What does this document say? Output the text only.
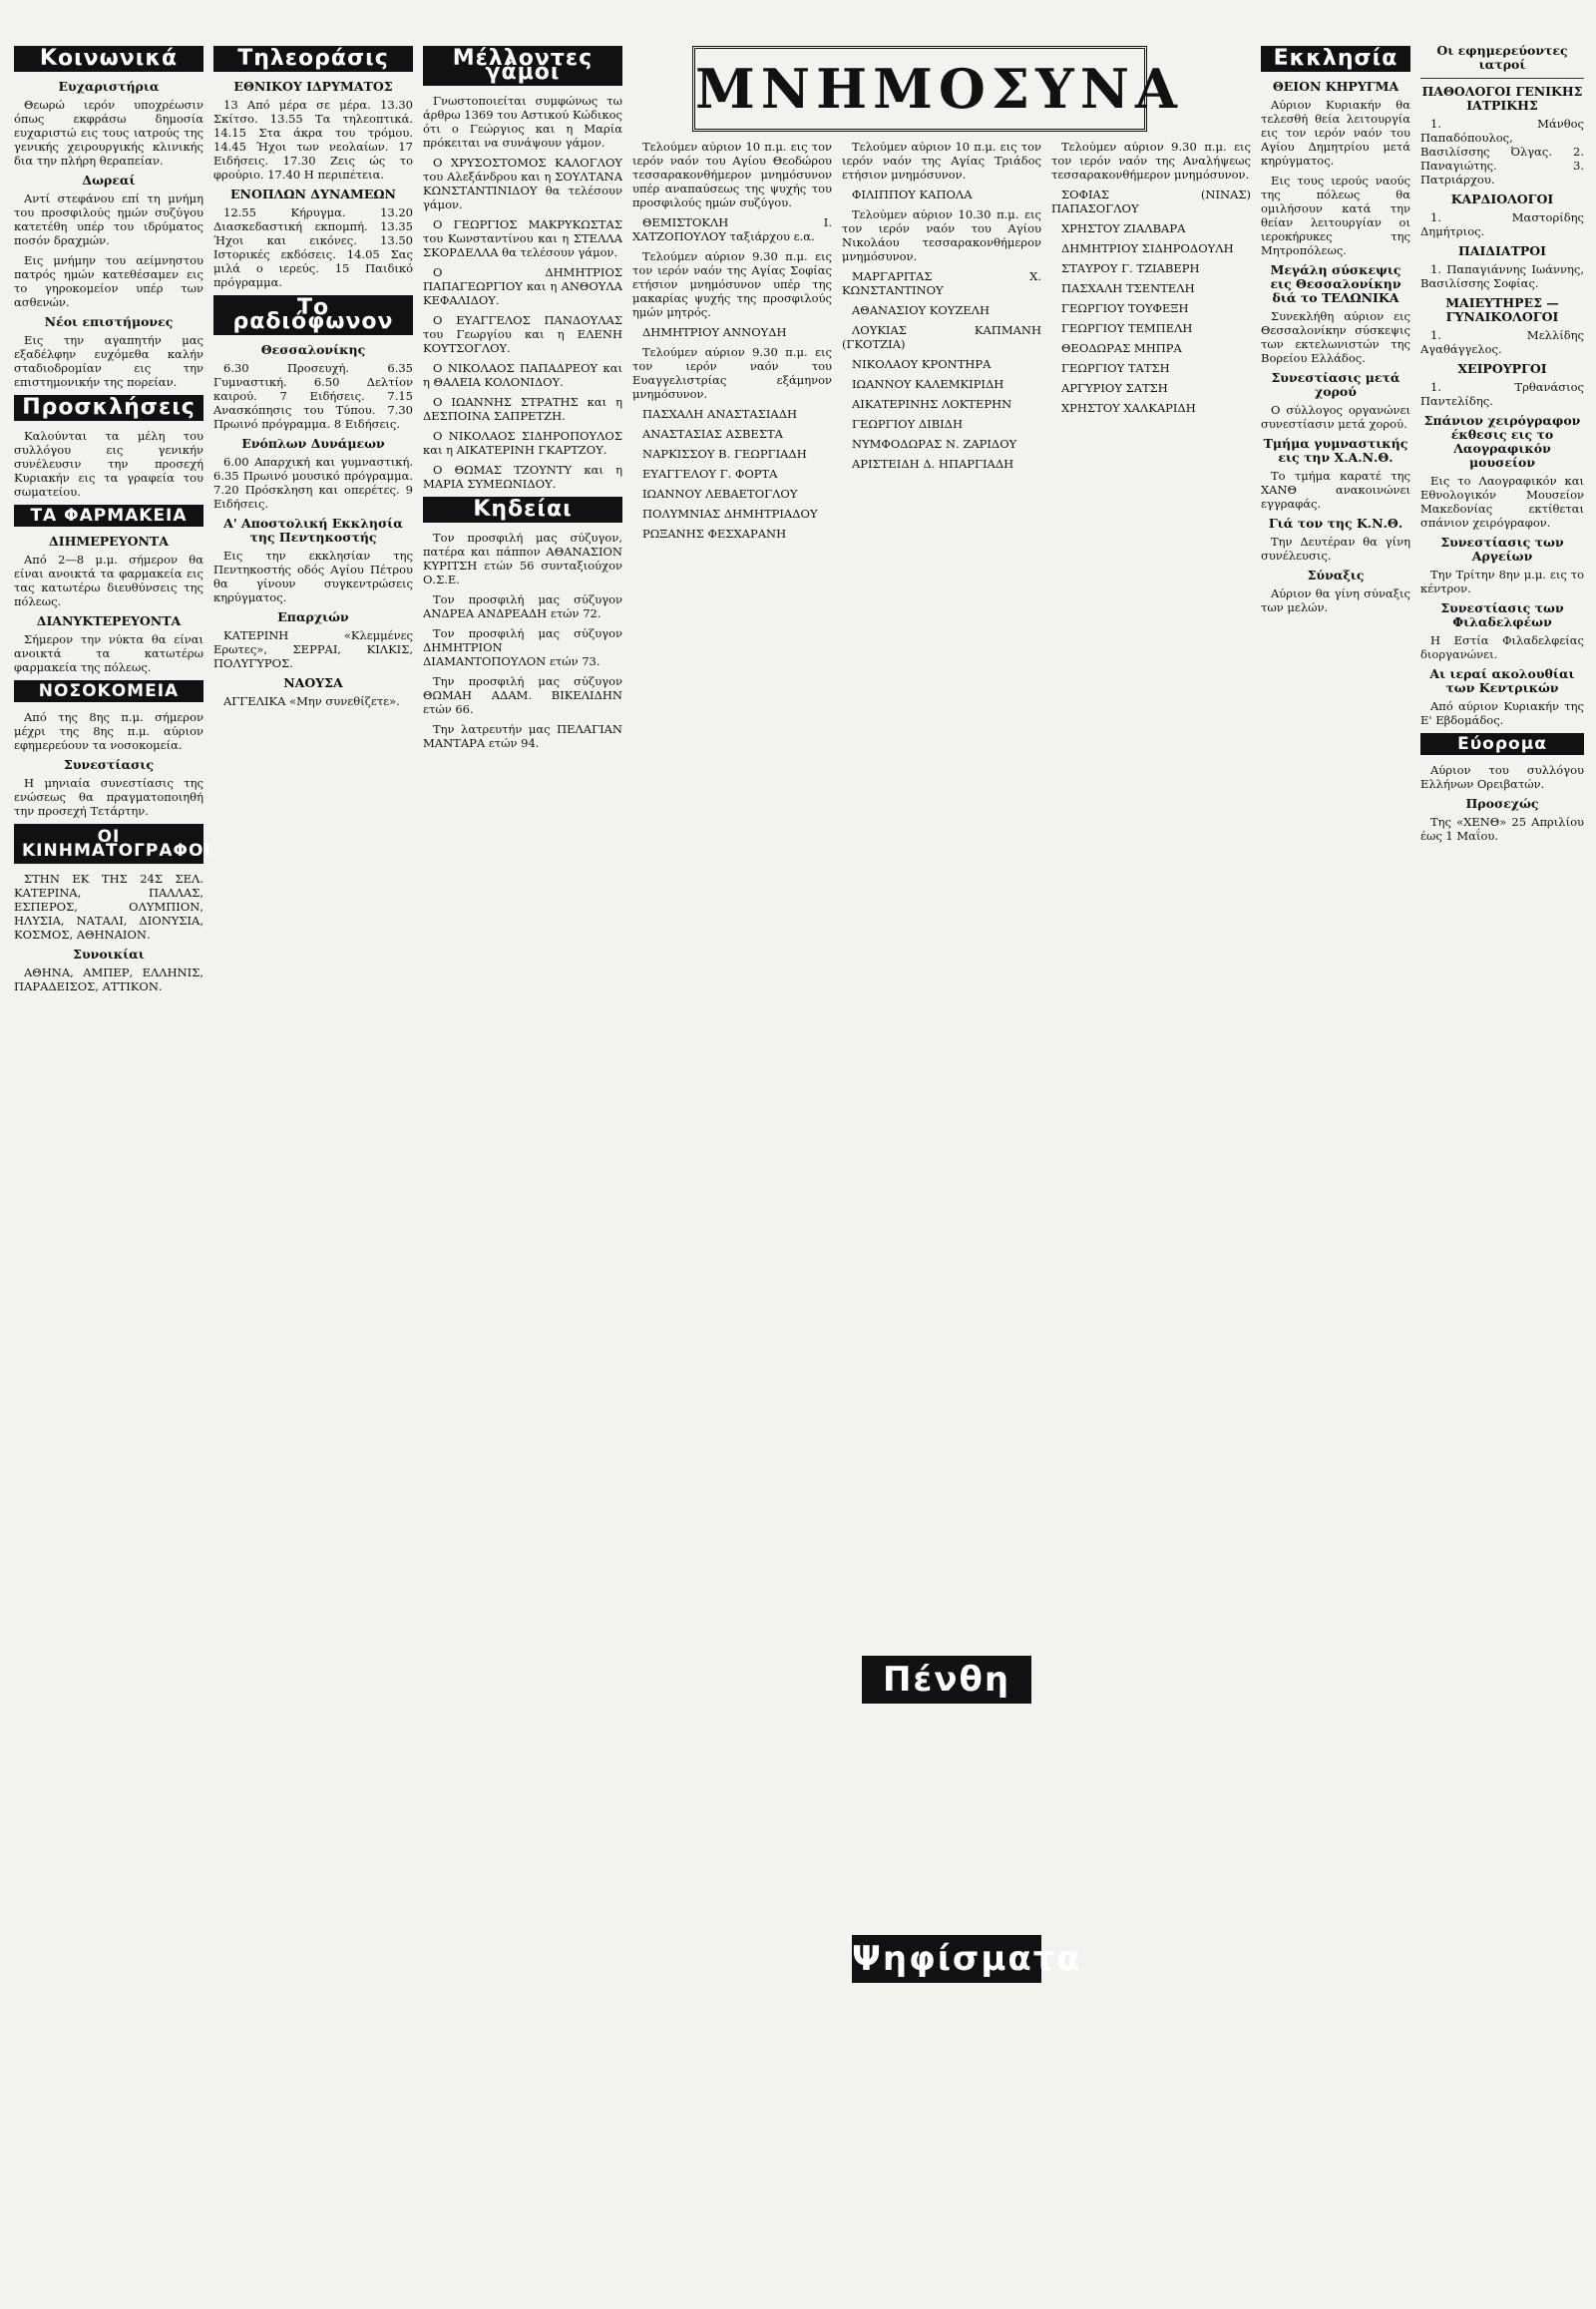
Κοινωνικά
Ευχαριστήρια

Θεωρώ ιερόν υποχρέωσιν όπως εκφράσω δημοσία ευχαριστώ εις τους ιατρούς της γενικής χειρουργικής κλινικής δια την πλήρη θεραπείαν.

Δωρεαί

Αντί στεφάνου επί τη μνήμη του προσφιλούς ημών συζύγου κατετέθη υπέρ του ιδρύματος ποσόν δραχμών.

Εις μνήμην του αείμνηστου πατρός ημών κατεθέσαμεν εις το γηροκομείον υπέρ των ασθενών.

Νέοι επιστήμονες

Εις την αγαπητήν μας εξαδέλφην ευχόμεθα καλήν σταδιοδρομίαν εις την επιστημονικήν της πορείαν.

Προσκλήσεις

Καλούνται τα μέλη του συλλόγου εις γενικήν συνέλευσιν την προσεχή Κυριακήν εις τα γραφεία του σωματείου.

ΤΑ ΦΑΡΜΑΚΕΙΑ
ΔΙΗΜΕΡΕΥΟΝΤΑ

Από 2—8 μ.μ. σήμερον θα είναι ανοικτά τα φαρμακεία εις τας κατωτέρω διευθύνσεις της πόλεως.

ΔΙΑΝΥΚΤΕΡΕΥΟΝΤΑ

Σήμερον την νύκτα θα είναι ανοικτά τα κατωτέρω φαρμακεία της πόλεως.

ΝΟΣΟΚΟΜΕΙΑ

Από της 8ης π.μ. σήμερον μέχρι της 8ης π.μ. αύριον εφημερεύουν τα νοσοκομεία.

Συνεστίασις

Η μηνιαία συνεστίασις της ενώσεως θα πραγματοποιηθή την προσεχή Τετάρτην.

ΟΙ ΚΙΝΗΜΑΤΟΓΡΑΦΟΙ

ΣΤΗΝ ΕΚ ΤΗΣ 24Σ ΣΕΛ. ΚΑΤΕΡΙΝΑ, ΠΑΛΛΑΣ, ΕΣΠΕΡΟΣ, ΟΛΥΜΠΙΟΝ, ΗΛΥΣΙΑ, ΝΑΤΑΛΙ, ΔΙΟΝΥΣΙΑ, ΚΟΣΜΟΣ, ΑΘΗΝΑΙΟΝ.

Συνοικίαι

ΑΘΗΝΑ, ΑΜΠΕΡ, ΕΛΛΗΝΙΣ, ΠΑΡΑΔΕΙΣΟΣ, ΑΤΤΙΚΟΝ.

Τηλεοράσις
ΕΘΝΙΚΟΥ ΙΔΡΥΜΑΤΟΣ

13 Από μέρα σε μέρα. 13.30 Σκίτσο. 13.55 Τα τηλεοπτικά. 14.15 Στα άκρα του τρόμου. 14.45 Ήχοι των νεολαίων. 17 Ειδήσεις. 17.30 Ζεις ώς το φρούριο. 17.40 Η περιπέτεια.

ΕΝΟΠΛΩΝ ΔΥΝΑΜΕΩΝ

12.55 Κήρυγμα. 13.20 Διασκεδαστική εκπομπή. 13.35 Ήχοι και εικόνες. 13.50 Ιστορικές εκδόσεις. 14.05 Σας μιλά ο ιερεύς. 15 Παιδικό πρόγραμμα.

Το ραδιόφωνον
Θεσσαλονίκης

6.30 Προσευχή. 6.35 Γυμναστική. 6.50 Δελτίον καιρού. 7 Ειδήσεις. 7.15 Ανασκόπησις του Τύπου. 7.30 Πρωινό πρόγραμμα. 8 Ειδήσεις.

Ενόπλων Δυνάμεων

6.00 Απαρχική και γυμναστική. 6.35 Πρωινό μουσικό πρόγραμμα. 7.20 Πρόσκληση και οπερέτες. 9 Ειδήσεις.

Α' Αποστολική Εκκλησία της Πεντηκοστής

Εις την εκκλησίαν της Πεντηκοστής οδός Αγίου Πέτρου θα γίνουν συγκεντρώσεις κηρύγματος.

Επαρχιών

ΚΑΤΕΡΙΝΗ «Κλεμμένες Ερωτες», ΣΕΡΡΑΙ, ΚΙΛΚΙΣ, ΠΟΛΥΓΥΡΟΣ.

ΝΑΟΥΣΑ

ΑΓΓΕΛΙΚΑ «Μην συνεθίζετε».

Μέλλοντες γάμοι

Γνωστοποιείται συμφώνως τω άρθρω 1369 του Αστικού Κώδικος ότι ο Γεώργιος και η Μαρία πρόκειται να συνάψουν γάμον.

Ο ΧΡΥΣΟΣΤΟΜΟΣ ΚΑΛΟΓΛΟΥ του Αλεξάνδρου και η ΣΟΥΛΤΑΝΑ ΚΩΝΣΤΑΝΤΙΝΙΔΟΥ θα τελέσουν γάμον.

Ο ΓΕΩΡΓΙΟΣ ΜΑΚΡΥΚΩΣΤΑΣ του Κωνσταντίνου και η ΣΤΕΛΛΑ ΣΚΟΡΔΕΛΛΑ θα τελέσουν γάμον.

Ο ΔΗΜΗΤΡΙΟΣ ΠΑΠΑΓΕΩΡΓΙΟΥ και η ΑΝΘΟΥΛΑ ΚΕΦΑΛΙΔΟΥ.

Ο ΕΥΑΓΓΕΛΟΣ ΠΑΝΔΟΥΛΑΣ του Γεωργίου και η ΕΛΕΝΗ ΚΟΥΤΣΟΓΛΟΥ.

Ο ΝΙΚΟΛΑΟΣ ΠΑΠΑΔΡΕΟΥ και η ΘΑΛΕΙΑ ΚΟΛΟΝΙΔΟΥ.

Ο ΙΩΑΝΝΗΣ ΣΤΡΑΤΗΣ και η ΔΕΣΠΟΙΝΑ ΣΑΠΡΕΤΖΗ.

Ο ΝΙΚΟΛΑΟΣ ΣΙΔΗΡΟΠΟΥΛΟΣ και η ΑΙΚΑΤΕΡΙΝΗ ΓΚΑΡΤΖΟΥ.

Ο ΘΩΜΑΣ ΤΖΟΥΝΤΥ και η ΜΑΡΙΑ ΣΥΜΕΩΝΙΔΟΥ.

Κηδείαι

Τον προσφιλή μας σύζυγον, πατέρα και πάππον ΑΘΑΝΑΣΙΟΝ ΚΥΡΙΤΣΗ ετών 56 συνταξιούχον Ο.Σ.Ε.

Τον προσφιλή μας σύζυγον ΑΝΔΡΕΑ ΑΝΔΡΕΑΔΗ ετών 72.

Τον προσφιλή μας σύζυγον ΔΗΜΗΤΡΙΟΝ ΔΙΑΜΑΝΤΟΠΟΥΛΟΝ ετών 73.

Την προσφιλή μας σύζυγον ΘΩΜΑΗ ΑΔΑΜ. ΒΙΚΕΛΙΔΗΝ ετών 66.

Την λατρευτήν μας ΠΕΛΑΓΙΑΝ ΜΑΝΤΑΡΑ ετών 94.

ΜΝΗΜΟΣΥΝΑ

Τελούμεν αύριον 10 π.μ. εις τον ιερόν ναόν του Αγίου Θεοδώρου τεσσαρακονθήμερον μνημόσυνον υπέρ αναπαύσεως της ψυχής του προσφιλούς ημών συζύγου.

ΘΕΜΙΣΤΟΚΛΗ Ι. ΧΑΤΖΟΠΟΥΛΟΥ ταξιάρχου ε.α.

Τελούμεν αύριον 9.30 π.μ. εις τον ιερόν ναόν της Αγίας Σοφίας ετήσιον μνημόσυνον υπέρ της μακαρίας ψυχής της προσφιλούς ημών μητρός.

ΔΗΜΗΤΡΙΟΥ ΑΝΝΟΥΔΗ

Τελούμεν αύριον 9.30 π.μ. εις τον ιερόν ναόν του Ευαγγελιστρίας εξάμηνον μνημόσυνον.

ΠΑΣΧΑΛΗ ΑΝΑΣΤΑΣΙΑΔΗ

ΑΝΑΣΤΑΣΙΑΣ ΑΣΒΕΣΤΑ

ΝΑΡΚΙΣΣΟΥ Β. ΓΕΩΡΓΙΑΔΗ

ΕΥΑΓΓΕΛΟΥ Γ. ΦΟΡΤΑ

ΙΩΑΝΝΟΥ ΛΕΒΑΕΤΟΓΛΟΥ

ΠΟΛΥΜΝΙΑΣ ΔΗΜΗΤΡΙΑΔΟΥ

ΡΩΞΑΝΗΣ ΦΕΣΧΑΡΑΝΗ

Τελούμεν αύριον 10 π.μ. εις τον ιερόν ναόν της Αγίας Τριάδος ετήσιον μνημόσυνον.

ΦΙΛΙΠΠΟΥ ΚΑΠΟΛΑ

Τελούμεν αύριον 10.30 π.μ. εις τον ιερόν ναόν του Αγίου Νικολάου τεσσαρακονθήμερον μνημόσυνον.

ΜΑΡΓΑΡΙΤΑΣ Χ. ΚΩΝΣΤΑΝΤΙΝΟΥ

ΑΘΑΝΑΣΙΟΥ ΚΟΥΖΕΛΗ

ΛΟΥΚΙΑΣ ΚΑΠΜΑΝΗ (ΓΚΟΤΖΙΑ)

ΝΙΚΟΛΑΟΥ ΚΡΟΝΤΗΡΑ

ΙΩΑΝΝΟΥ ΚΑΛΕΜΚΙΡΙΔΗ

ΑΙΚΑΤΕΡΙΝΗΣ ΛΟΚΤΕΡΗΝ

ΓΕΩΡΓΙΟΥ ΔΙΒΙΔΗ

ΝΥΜΦΟΔΩΡΑΣ Ν. ΖΑΡΙΔΟΥ

ΑΡΙΣΤΕΙΔΗ Δ. ΗΠΑΡΓΙΑΔΗ

Τελούμεν αύριον 9.30 π.μ. εις τον ιερόν ναόν της Αναλήψεως τεσσαρακονθήμερον μνημόσυνον.

ΣΟΦΙΑΣ (ΝΙΝΑΣ) ΠΑΠΑΣΟΓΛΟΥ

ΧΡΗΣΤΟΥ ΖΙΑΛΒΑΡΑ

ΔΗΜΗΤΡΙΟΥ ΣΙΔΗΡΟΔΟΥΛΗ

ΣΤΑΥΡΟΥ Γ. ΤΖΙΑΒΕΡΗ

ΠΑΣΧΑΛΗ ΤΣΕΝΤΕΛΗ

ΓΕΩΡΓΙΟΥ ΤΟΥΦΕΞΗ

ΓΕΩΡΓΙΟΥ ΤΕΜΠΕΛΗ

ΘΕΟΔΩΡΑΣ ΜΗΠΡΑ

ΓΕΩΡΓΙΟΥ ΤΑΤΣΗ

ΑΡΓΥΡΙΟΥ ΣΑΤΣΗ

ΧΡΗΣΤΟΥ ΧΑΛΚΑΡΙΔΗ

Πένθη
Ψηφίσματα
Εκκλησία
ΘΕΙΟΝ ΚΗΡΥΓΜΑ

Αύριον Κυριακήν θα τελεσθή θεία λειτουργία εις τον ιερόν ναόν του Αγίου Δημητρίου μετά κηρύγματος.

Εις τους ιερούς ναούς της πόλεως θα ομιλήσουν κατά την θείαν λειτουργίαν οι ιεροκήρυκες της Μητροπόλεως.

Μεγάλη σύσκεψις εις Θεσσαλονίκην διά το ΤΕΛΩΝΙΚΑ

Συνεκλήθη αύριον εις Θεσσαλονίκην σύσκεψις των εκτελωνιστών της Βορείου Ελλάδος.

Συνεστίασις μετά χορού

Ο σύλλογος οργανώνει συνεστίασιν μετά χορού.

Τμήμα γυμναστικής εις την Χ.Α.Ν.Θ.

Το τμήμα καρατέ της ΧΑΝΘ ανακοινώνει εγγραφάς.

Γιά τον της Κ.Ν.Θ.

Την Δευτέραν θα γίνη συνέλευσις.

Σύναξις

Αύριον θα γίνη σύναξις των μελών.

Οι εφημερεύοντες ιατροί
ΠΑΘΟΛΟΓΟΙ ΓΕΝΙΚΗΣ ΙΑΤΡΙΚΗΣ

1. Μάνθος Παπαδόπουλος, Βασιλίσσης Όλγας. 2. Παναγιώτης. 3. Πατριάρχου.

ΚΑΡΔΙΟΛΟΓΟΙ

1. Μαστορίδης Δημήτριος.

ΠΑΙΔΙΑΤΡΟΙ

1. Παπαγιάννης Ιωάννης, Βασιλίσσης Σοφίας.

ΜΑΙΕΥΤΗΡΕΣ — ΓΥΝΑΙΚΟΛΟΓΟΙ

1. Μελλίδης Αγαθάγγελος.

ΧΕΙΡΟΥΡΓΟΙ

1. Τρθανάσιος Παντελίδης.

Σπάνιον χειρόγραφον έκθεσις εις το Λαογραφικόν μουσείον

Εις το Λαογραφικόν και Εθνολογικόν Μουσείον Μακεδονίας εκτίθεται σπάνιον χειρόγραφον.

Συνεστίασις των Αργείων

Την Τρίτην 8ην μ.μ. εις το κέντρον.

Συνεστίασις των Φιλαδελφέων

Η Εστία Φιλαδελφείας διοργανώνει.

Αι ιεραί ακολουθίαι των Κεντρικών

Από αύριον Κυριακήν της Ε' Εβδομάδος.

Εύορομα

Αύριον του συλλόγου Ελλήνων Ορειβατών.

Προσεχώς

Της «ΧΕΝΘ» 25 Απριλίου έως 1 Μαΐου.
